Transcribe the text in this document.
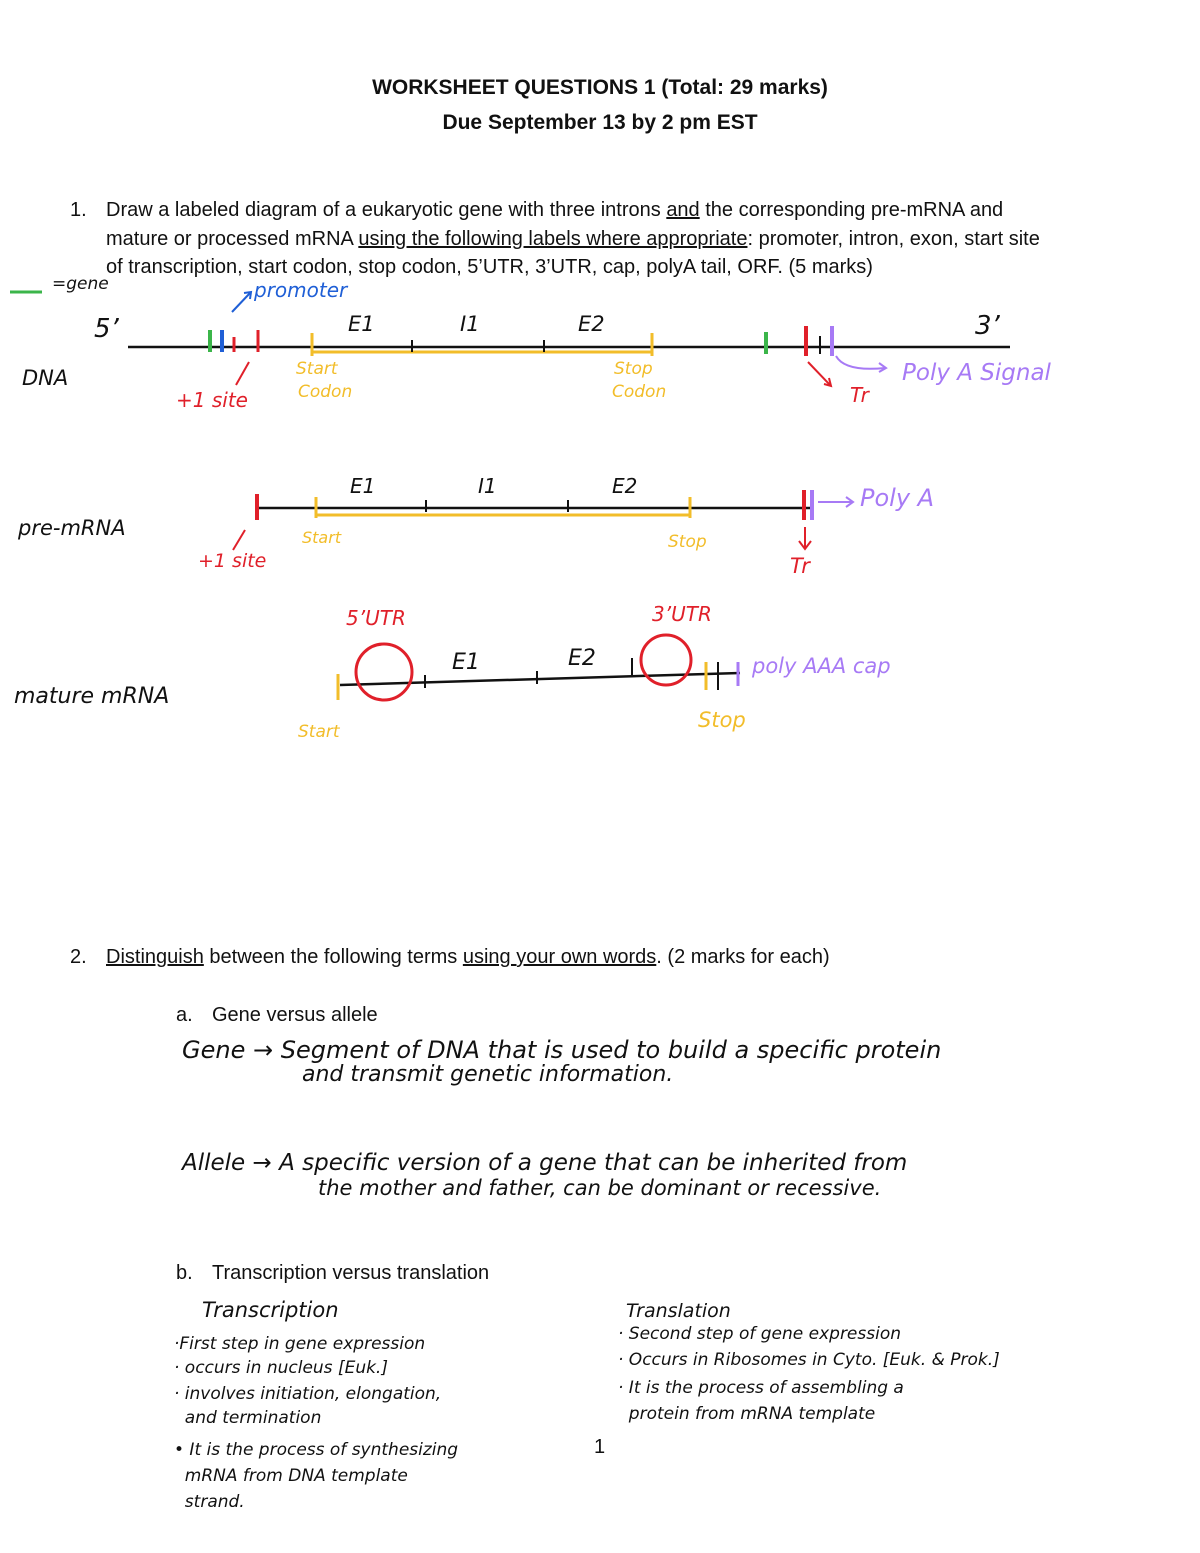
WORKSHEET QUESTIONS 1 (Total: 29 marks)
Due September 13 by 2 pm EST
1. Draw a labeled diagram of a eukaryotic gene with three introns and the corresponding pre-mRNA and
mature or processed mRNA using the following labels where appropriate: promoter, intron, exon, start site
of transcription, start codon, stop codon, 5’UTR, 3’UTR, cap, polyA tail, ORF. (5 marks)
=gene	promoter
5’	3’
DNA
E1	I1	E2
+1 site
Start
Codon
Stop
Codon	Tr
Poly A Signal
pre-mRNA
E1	I1	E2
+1 site
Start	Stop
Tr
Poly A
5’UTR	3’UTR
mature mRNA
E1	E2	poly AAA cap
Start	Stop
2. Distinguish between the following terms using your own words. (2 marks for each)
a. Gene versus allele
Gene → Segment of DNA that is used to build a specific protein
and transmit genetic information.
Allele → A specific version of a gene that can be inherited from
the mother and father, can be dominant or recessive.
b. Transcription versus translation
Transcription
·First step in gene expression
· occurs in nucleus [Euk.]
· involves initiation, elongation,
and termination
• It is the process of synthesizing
mRNA from DNA template
strand.
Translation
· Second step of gene expression
· Occurs in Ribosomes in Cyto. [Euk. & Prok.]
· It is the process of assembling a
protein from mRNA template
1
